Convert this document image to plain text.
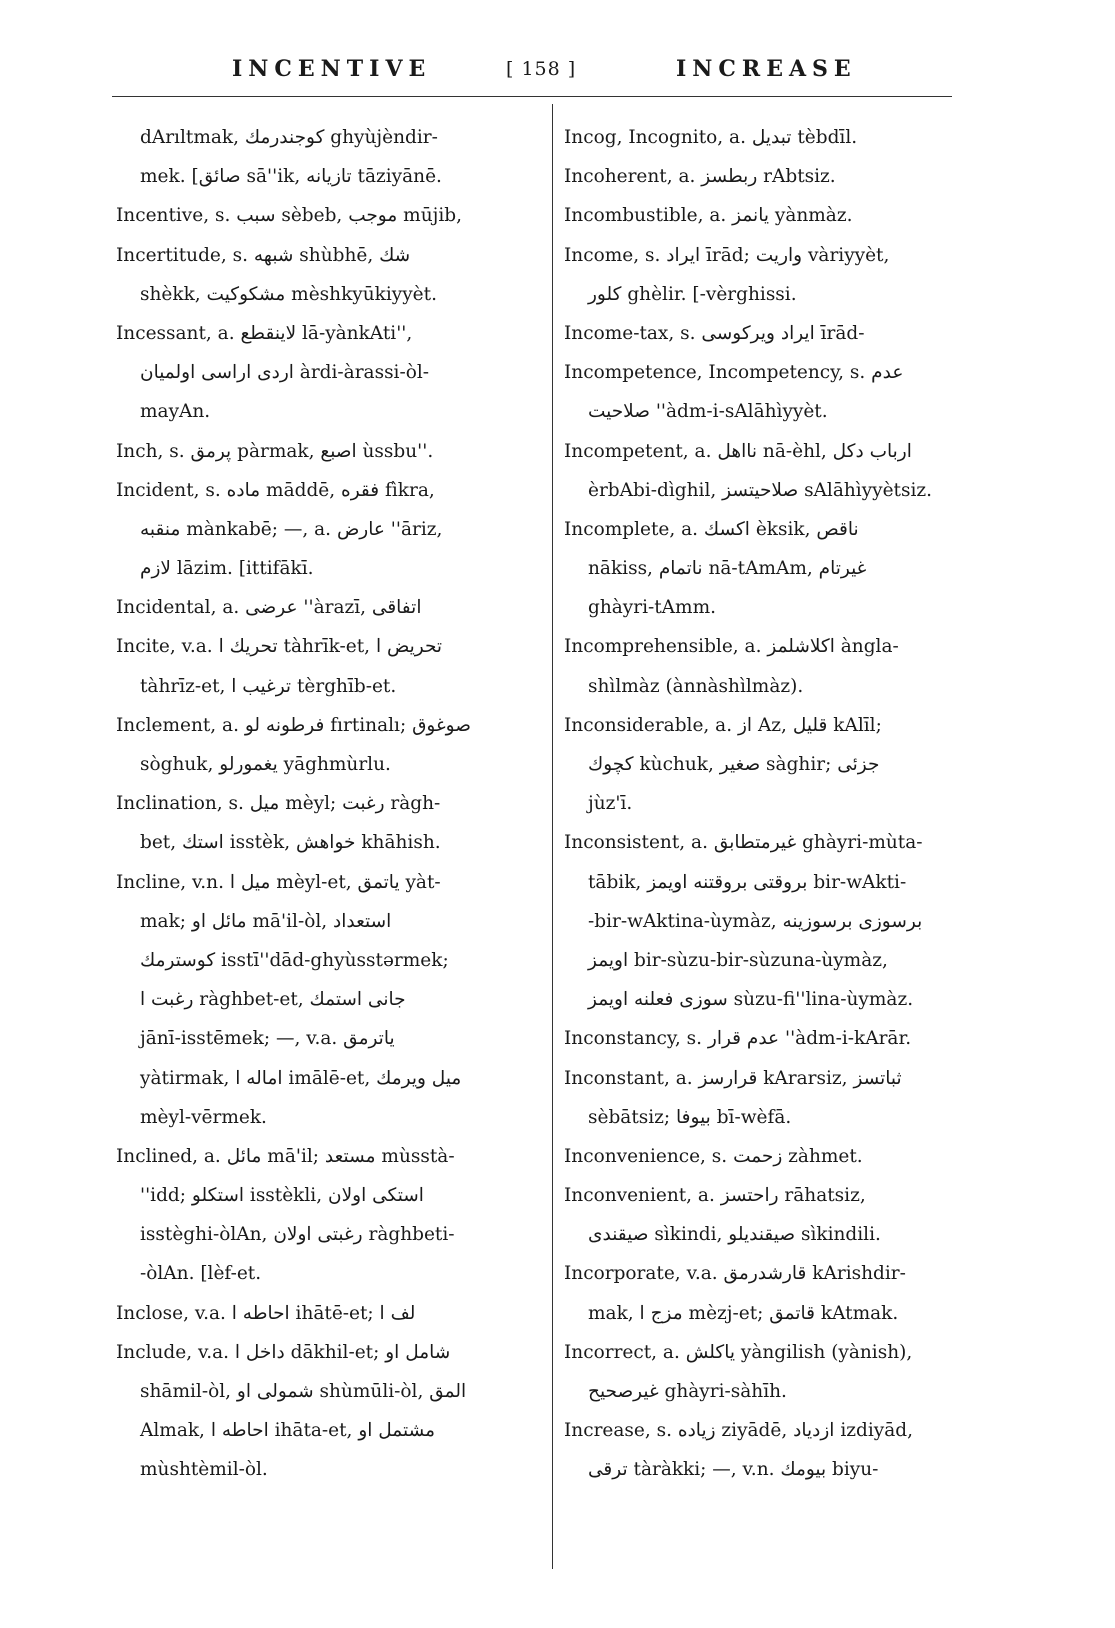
INCENTIVE	[ 158 ]	INCREASE
dArıltmak, كوجندرمك ghyùjèndir-
mek. [صائق sā''ik, تازيانه tāziyānē.
Incentive, s. سبب sèbeb, موجب mūjib,
Incertitude, s. شبهه shùbhē, شك
shèkk, مشكوكيت mèshkyūkiyyèt.
Incessant, a. لاينقطع lā-yànkAti'',
اردى اراسى اولميان àrdi-àrassi-òl-
mayAn.
Inch, s. پرمق pàrmak, اصبع ùssbu''.
Incident, s. ماده māddē, فقره fìkra,
منقبه mànkabē; —, a. عارض ''āriz,
لازم lāzim. [ittifākī.
Incidental, a. عرضى ''àrazī, اتفاقى
Incite, v.a. تحريك ا tàhrīk-et, تحريض ا
tàhrīz-et, ترغيب ا tèrghīb-et.
Inclement, a. فرطونه لو fırtinalı; صوغوق
sòghuk, يغمورلو yāghmùrlu.
Inclination, s. ميل mèyl; رغبت ràgh-
bet, استك isstèk, خواهش khāhish.
Incline, v.n. ميل ا mèyl-et, ياتمق yàt-
mak; مائل او mā'il-òl, استعداد
كوسترمك isstī''dād-ghyùsstərmek;
رغبت ا ràghbet-et, جانى استمك
jānī-isstēmek; —, v.a. ياترمق
yàtirmak, اماله ا imālē-et, ميل ويرمك
mèyl-vērmek.
Inclined, a. مائل mā'il; مستعد mùsstà-
''idd; استكلو isstèkli, استكى اولان
isstèghi-òlAn, رغبتى اولان ràghbeti-
-òlAn. [lèf-et.
Inclose, v.a. احاطه ا ihātē-et; لف ا
Include, v.a. داخل ا dākhil-et; شامل او
shāmil-òl, شمولى او shùmūli-òl, المق
Almak, احاطه ا ihāta-et, مشتمل او
mùshtèmil-òl.
Incog, Incognito, a. تبديل tèbdīl.
Incoherent, a. ربطسز rAbtsiz.
Incombustible, a. يانمز yànmàz.
Income, s. ايراد īrād; واريت vàriyyèt,
كلور ghèlir. [-vèrghissi.
Income-tax, s. ايراد ويركوسى īrād-
Incompetence, Incompetency, s. عدم
صلاحيت ''àdm-i-sAlāhìyyèt.
Incompetent, a. نااهل nā-èhl, ارباب دكل
èrbAbi-dìghil, صلاحيتسز sAlāhìyyètsiz.
Incomplete, a. اكسك èksik, ناقص
nākiss, ناتمام nā-tAmAm, غيرتام
ghàyri-tAmm.
Incomprehensible, a. اكلاشلمز àngla-
shìlmàz (ànnàshìlmàz).
Inconsiderable, a. از Az, قليل kAlīl;
كچوك kùchuk, صغير sàghir; جزئى
jùz'ī.
Inconsistent, a. غيرمتطابق ghàyri-mùta-
tābik, بروقتى بروقتنه اويمز bir-wAkti-
-bir-wAktina-ùymàz, برسوزى برسوزينه
اويمز bir-sùzu-bir-sùzuna-ùymàz,
سوزى فعلنه اويمز sùzu-fi''lina-ùymàz.
Inconstancy, s. عدم قرار ''àdm-i-kArār.
Inconstant, a. قرارسز kArarsiz, ثباتسز
sèbātsiz; بيوفا bī-wèfā.
Inconvenience, s. زحمت zàhmet.
Inconvenient, a. راحتسز rāhatsiz,
صيقندى sìkindi, صيقنديلو sìkindili.
Incorporate, v.a. قارشدرمق kArishdir-
mak, مزج ا mèzj-et; قاتمق kAtmak.
Incorrect, a. ياكلش yàngilish (yànish),
غيرصحيح ghàyri-sàhīh.
Increase, s. زياده ziyādē, ازدياد izdiyād,
ترقى tàràkki; —, v.n. بيومك biyu-
